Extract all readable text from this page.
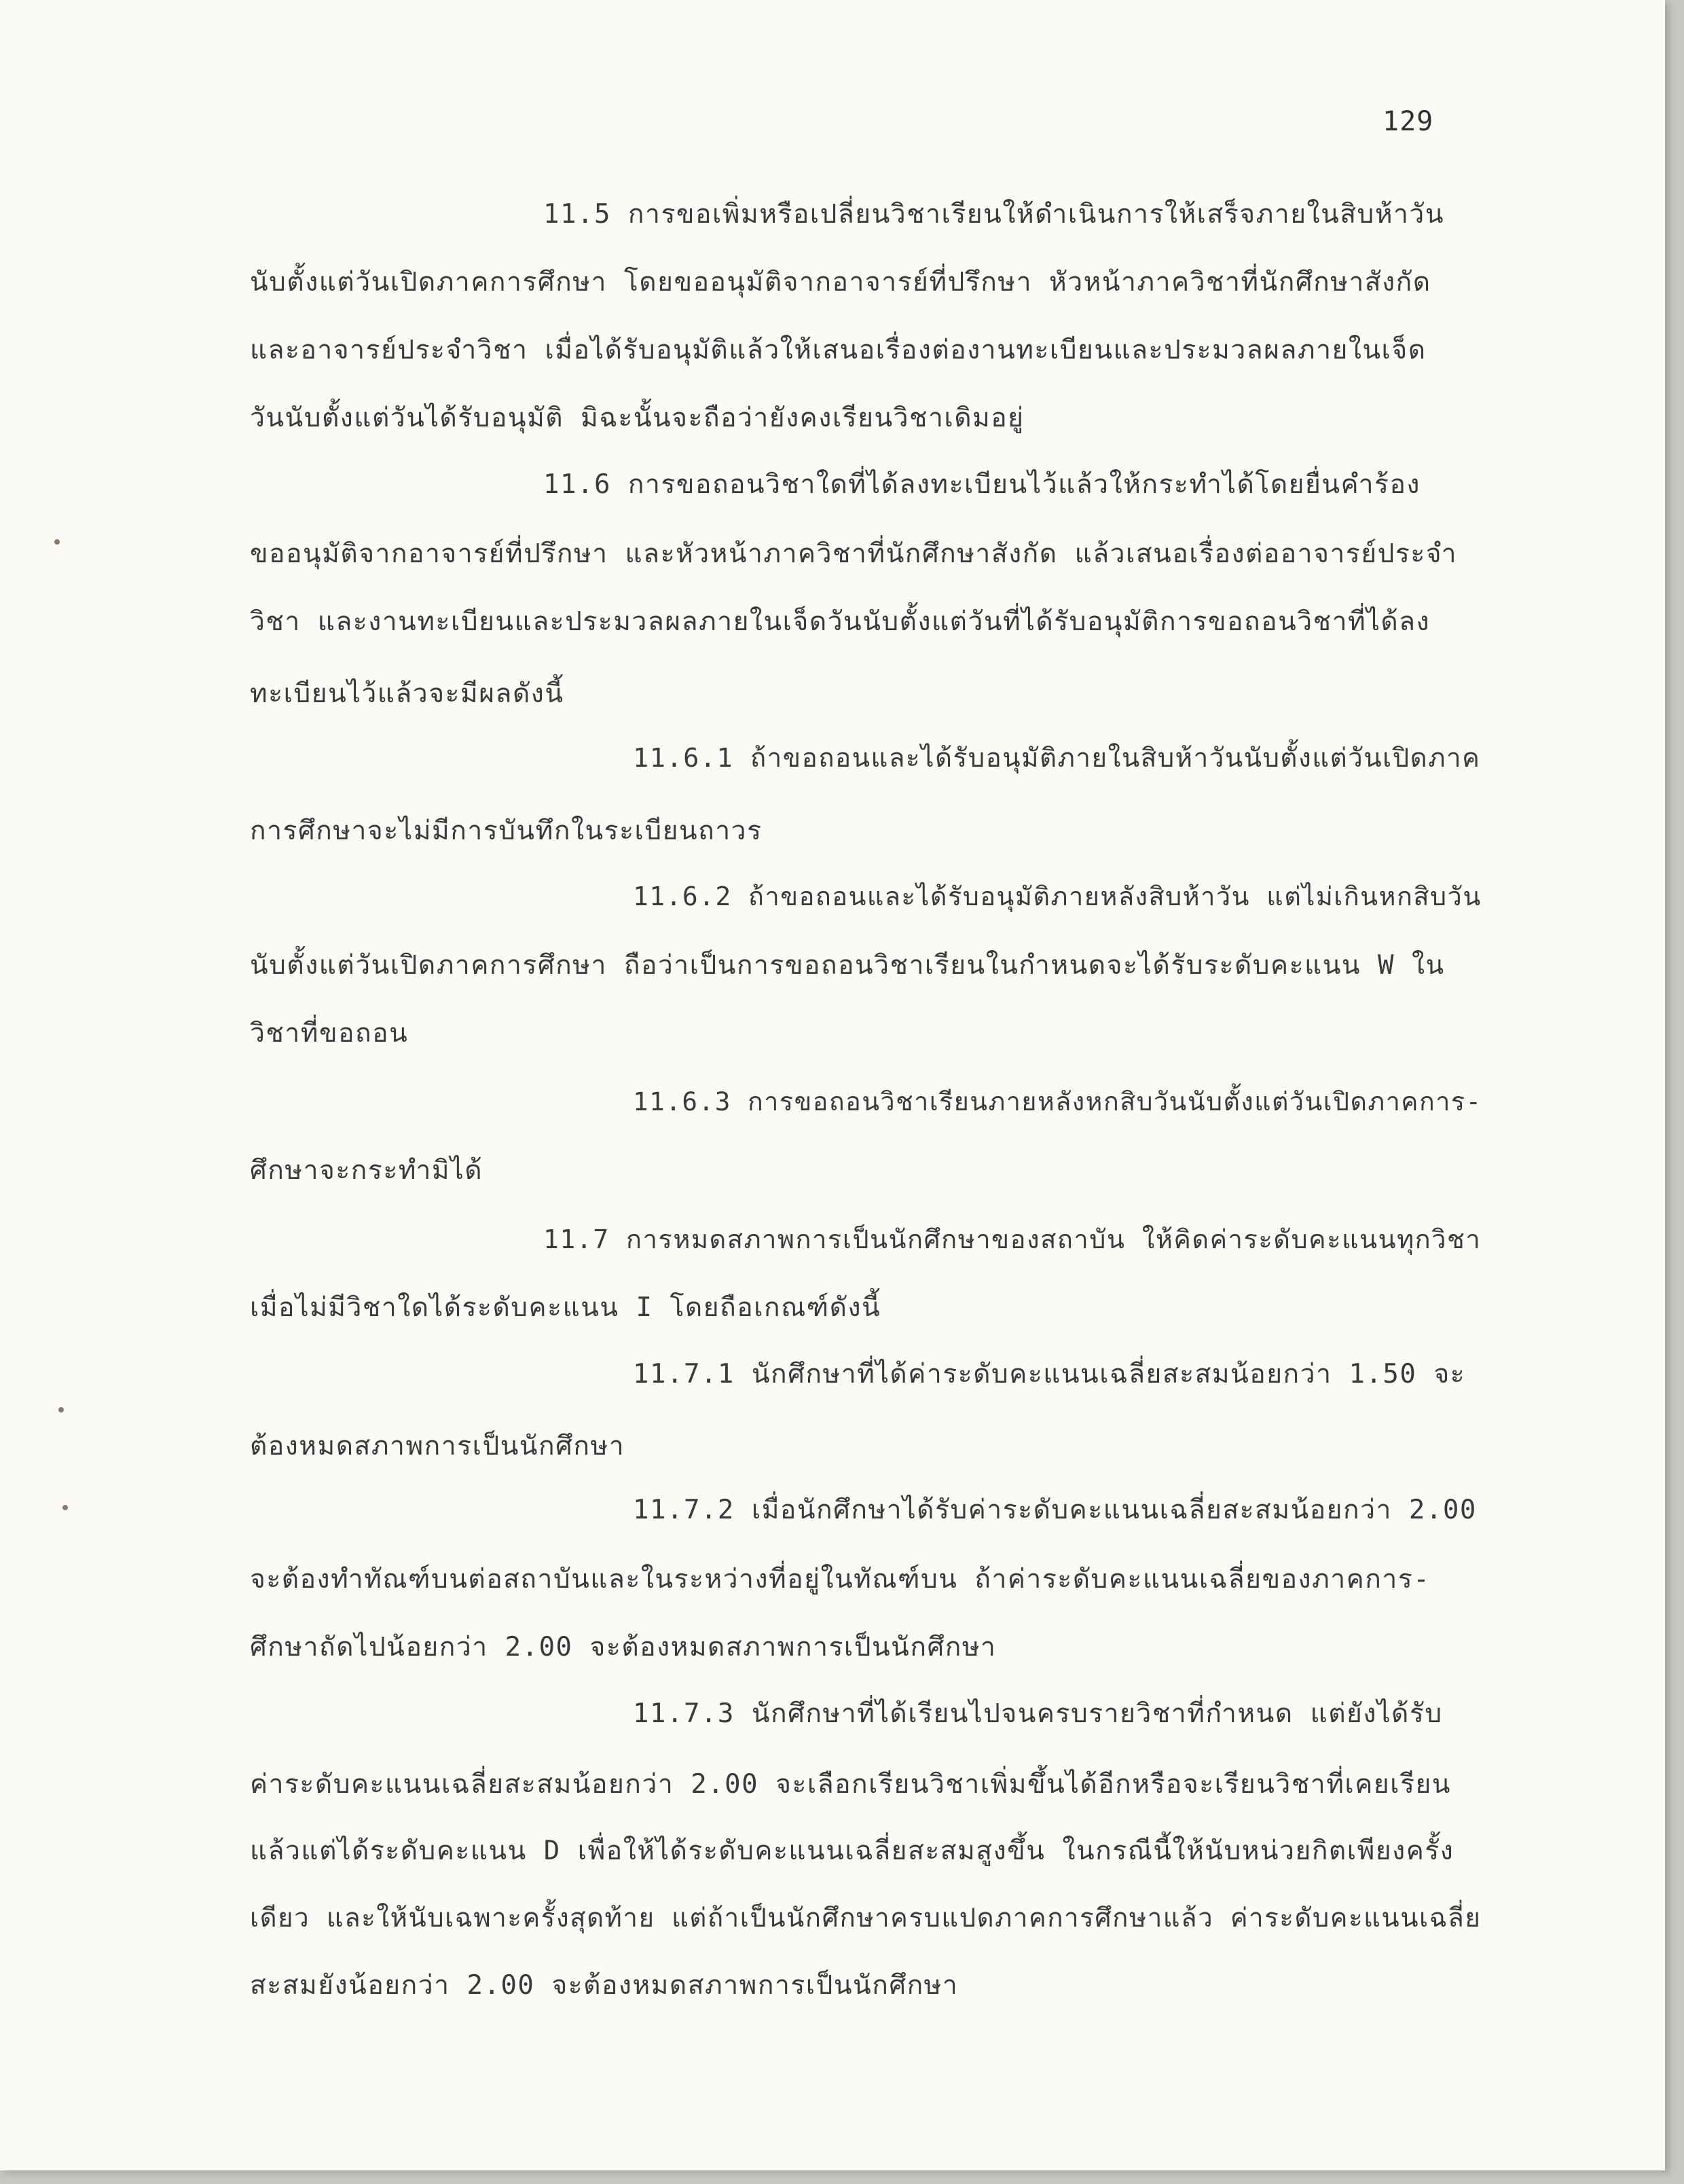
129
11.5 การขอเพิ่มหรือเปลี่ยนวิชาเรียนให้ดำเนินการให้เสร็จภายในสิบห้าวัน
นับตั้งแต่วันเปิดภาคการศึกษา โดยขออนุมัติจากอาจารย์ที่ปรึกษา หัวหน้าภาควิชาที่นักศึกษาสังกัด
และอาจารย์ประจำวิชา เมื่อได้รับอนุมัติแล้วให้เสนอเรื่องต่องานทะเบียนและประมวลผลภายในเจ็ด
วันนับตั้งแต่วันได้รับอนุมัติ มิฉะนั้นจะถือว่ายังคงเรียนวิชาเดิมอยู่
11.6 การขอถอนวิชาใดที่ได้ลงทะเบียนไว้แล้วให้กระทำได้โดยยื่นคำร้อง
ขออนุมัติจากอาจารย์ที่ปรึกษา และหัวหน้าภาควิชาที่นักศึกษาสังกัด แล้วเสนอเรื่องต่ออาจารย์ประจำ
วิชา และงานทะเบียนและประมวลผลภายในเจ็ดวันนับตั้งแต่วันที่ได้รับอนุมัติการขอถอนวิชาที่ได้ลง
ทะเบียนไว้แล้วจะมีผลดังนี้
11.6.1 ถ้าขอถอนและได้รับอนุมัติภายในสิบห้าวันนับตั้งแต่วันเปิดภาค
การศึกษาจะไม่มีการบันทึกในระเบียนถาวร
11.6.2 ถ้าขอถอนและได้รับอนุมัติภายหลังสิบห้าวัน แต่ไม่เกินหกสิบวัน
นับตั้งแต่วันเปิดภาคการศึกษา ถือว่าเป็นการขอถอนวิชาเรียนในกำหนดจะได้รับระดับคะแนน W ใน
วิชาที่ขอถอน
11.6.3 การขอถอนวิชาเรียนภายหลังหกสิบวันนับตั้งแต่วันเปิดภาคการ-
ศึกษาจะกระทำมิได้
11.7 การหมดสภาพการเป็นนักศึกษาของสถาบัน ให้คิดค่าระดับคะแนนทุกวิชา
เมื่อไม่มีวิชาใดได้ระดับคะแนน I โดยถือเกณฑ์ดังนี้
11.7.1 นักศึกษาที่ได้ค่าระดับคะแนนเฉลี่ยสะสมน้อยกว่า 1.50 จะ
ต้องหมดสภาพการเป็นนักศึกษา
11.7.2 เมื่อนักศึกษาได้รับค่าระดับคะแนนเฉลี่ยสะสมน้อยกว่า 2.00
จะต้องทำทัณฑ์บนต่อสถาบันและในระหว่างที่อยู่ในทัณฑ์บน ถ้าค่าระดับคะแนนเฉลี่ยของภาคการ-
ศึกษาถัดไปน้อยกว่า 2.00 จะต้องหมดสภาพการเป็นนักศึกษา
11.7.3 นักศึกษาที่ได้เรียนไปจนครบรายวิชาที่กำหนด แต่ยังได้รับ
ค่าระดับคะแนนเฉลี่ยสะสมน้อยกว่า 2.00 จะเลือกเรียนวิชาเพิ่มขึ้นได้อีกหรือจะเรียนวิชาที่เคยเรียน
แล้วแต่ได้ระดับคะแนน D เพื่อให้ได้ระดับคะแนนเฉลี่ยสะสมสูงขึ้น ในกรณีนี้ให้นับหน่วยกิตเพียงครั้ง
เดียว และให้นับเฉพาะครั้งสุดท้าย แต่ถ้าเป็นนักศึกษาครบแปดภาคการศึกษาแล้ว ค่าระดับคะแนนเฉลี่ย
สะสมยังน้อยกว่า 2.00 จะต้องหมดสภาพการเป็นนักศึกษา
